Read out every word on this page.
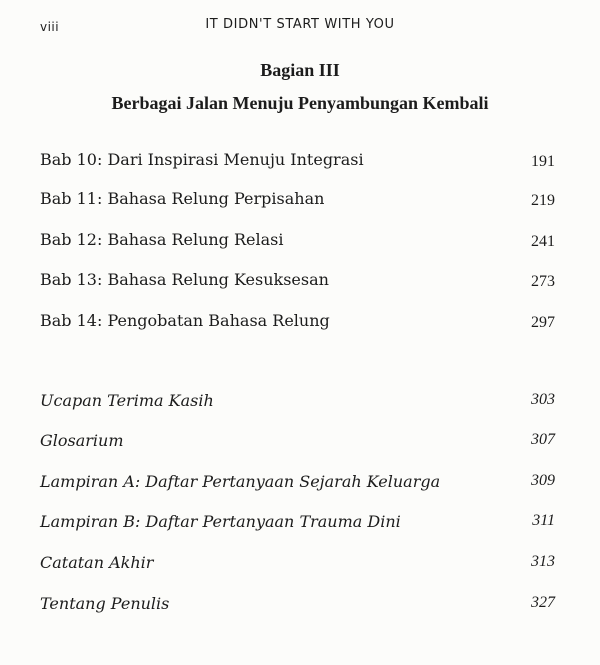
viii	IT DIDN'T START WITH YOU
Bagian III
Berbagai Jalan Menuju Penyambungan Kembali
Bab 10: Dari Inspirasi Menuju Integrasi	191
Bab 11: Bahasa Relung Perpisahan	219
Bab 12: Bahasa Relung Relasi	241
Bab 13: Bahasa Relung Kesuksesan	273
Bab 14: Pengobatan Bahasa Relung	297
Ucapan Terima Kasih	303
Glosarium	307
Lampiran A: Daftar Pertanyaan Sejarah Keluarga	309
Lampiran B: Daftar Pertanyaan Trauma Dini	311
Catatan Akhir	313
Tentang Penulis	327
